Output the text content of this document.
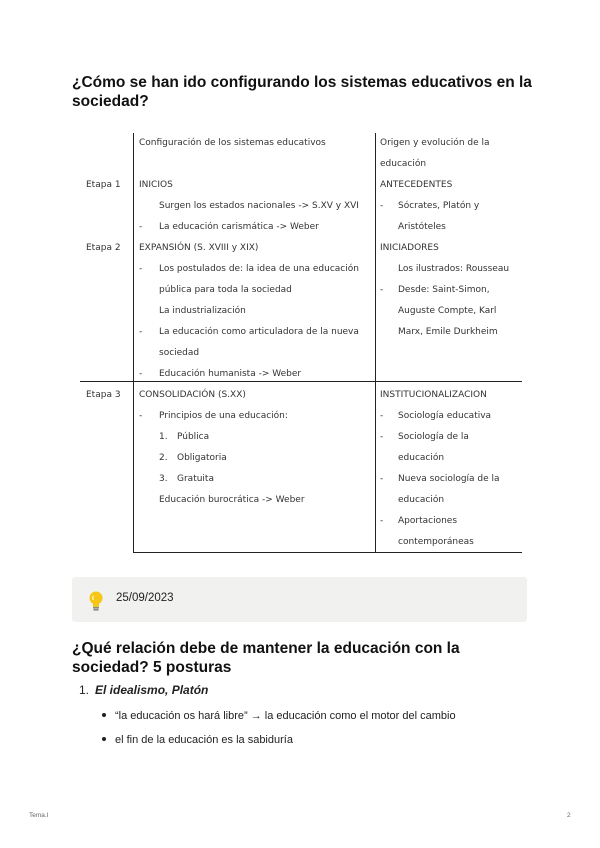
¿Cómo se han ido configurando los sistemas educativos en la sociedad?
Configuración de los sistemas educativos	Origen y evolución de la
educación
Etapa 1
Etapa 2
Etapa 3
INICIOS
Surgen los estados nacionales -> S.XV y XVI
- La educación carismática -> Weber
EXPANSIÓN (S. XVIII y XIX)
- Los postulados de: la idea de una educación
pública para toda la sociedad
La industrialización
- La educación como articuladora de la nueva
sociedad
- Educación humanista -> Weber
CONSOLIDACIÓN (S.XX)
- Principios de una educación:
1. Pública
2. Obligatoria
3. Gratuita
Educación burocrática -> Weber
ANTECEDENTES
- Sócrates, Platón y
Aristóteles
INICIADORES
Los ilustrados: Rousseau
- Desde: Saint-Simon,
Auguste Compte, Karl
Marx, Emile Durkheim
INSTITUCIONALIZACION
- Sociología educativa
- Sociología de la
educación
- Nueva sociología de la
educación
- Aportaciones
contemporáneas
25/09/2023
¿Qué relación debe de mantener la educación con la sociedad? 5 posturas
1. El idealismo, Platón
“la educación os hará libre” → la educación como el motor del cambio
el fin de la educación es la sabiduría
Tema.I	2
